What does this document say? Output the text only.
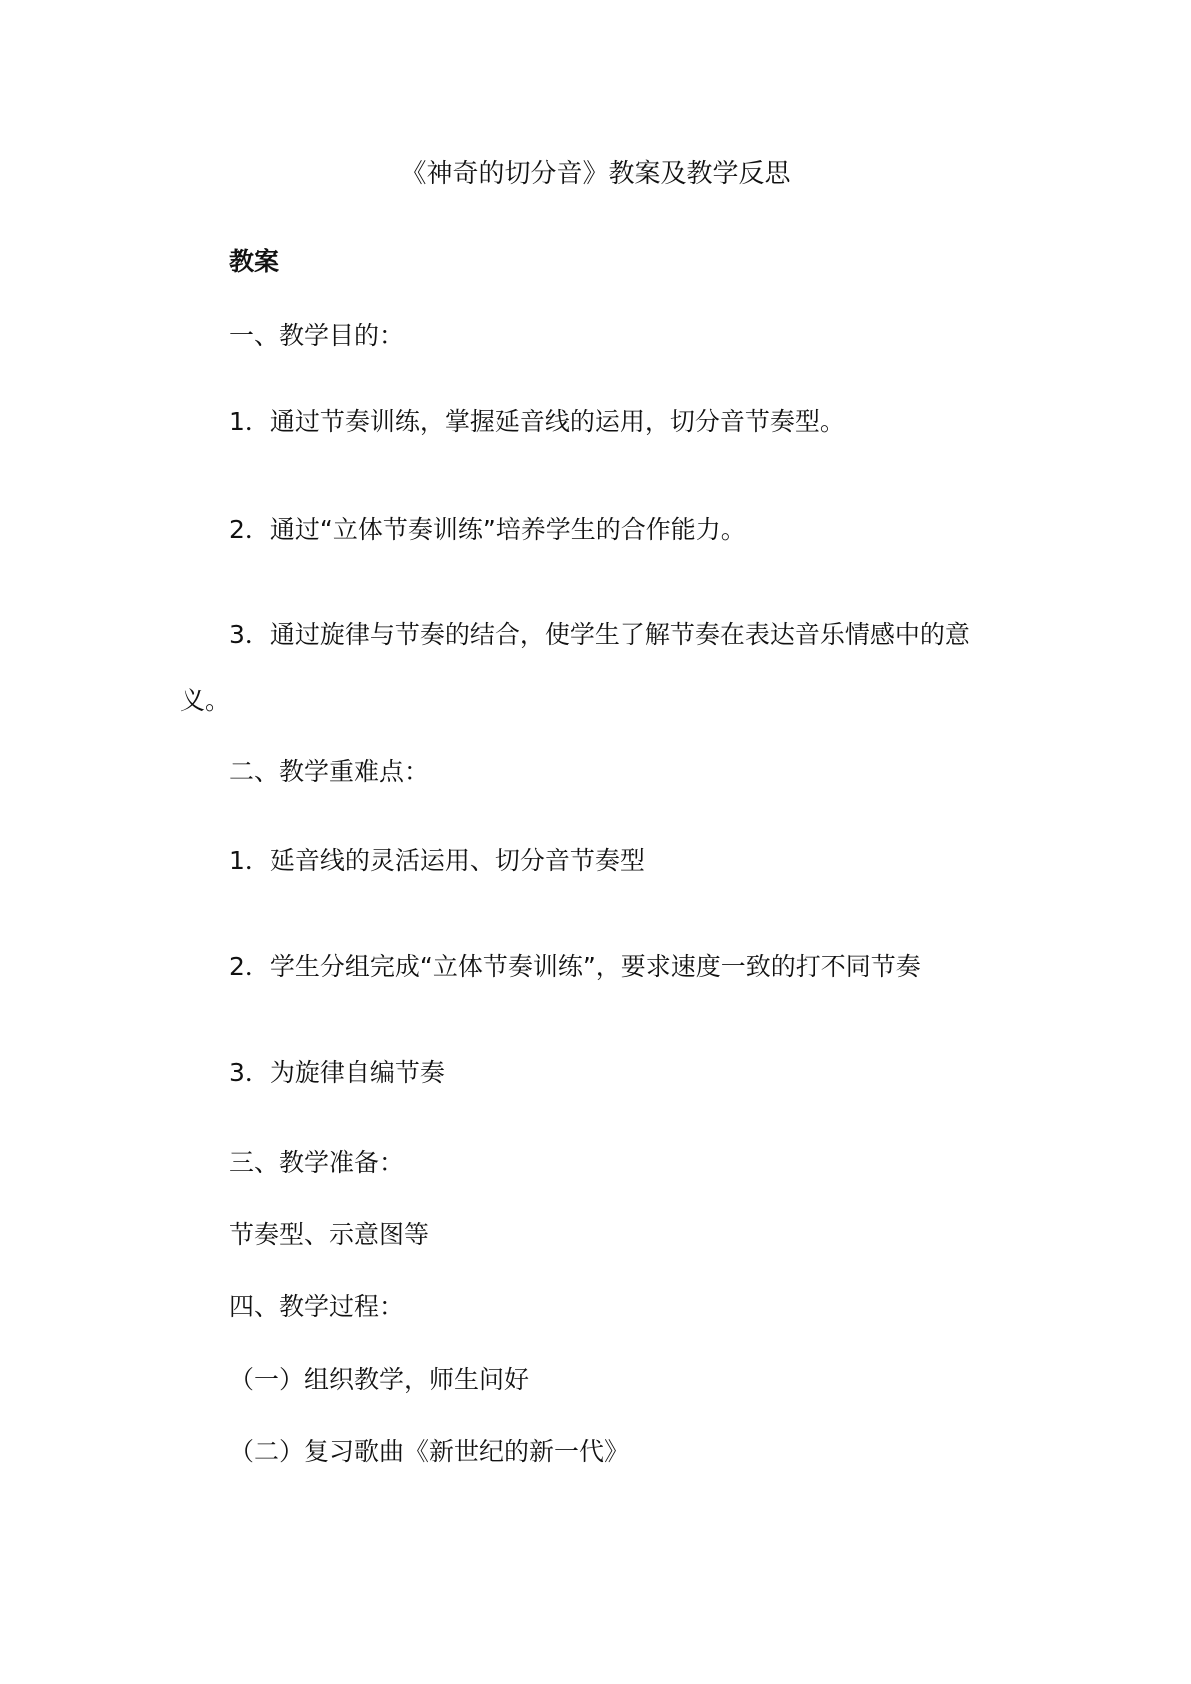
《神奇的切分音》教案及教学反思
教案
一、教学目的：
1．通过节奏训练，掌握延音线的运用，切分音节奏型。
2．通过“立体节奏训练”培养学生的合作能力。
3．通过旋律与节奏的结合，使学生了解节奏在表达音乐情感中的意
义。
二、教学重难点：
1．延音线的灵活运用、切分音节奏型
2．学生分组完成“立体节奏训练”，要求速度一致的打不同节奏
3．为旋律自编节奏
三、教学准备：
节奏型、示意图等
四、教学过程：
（一）组织教学，师生问好
（二）复习歌曲《新世纪的新一代》
